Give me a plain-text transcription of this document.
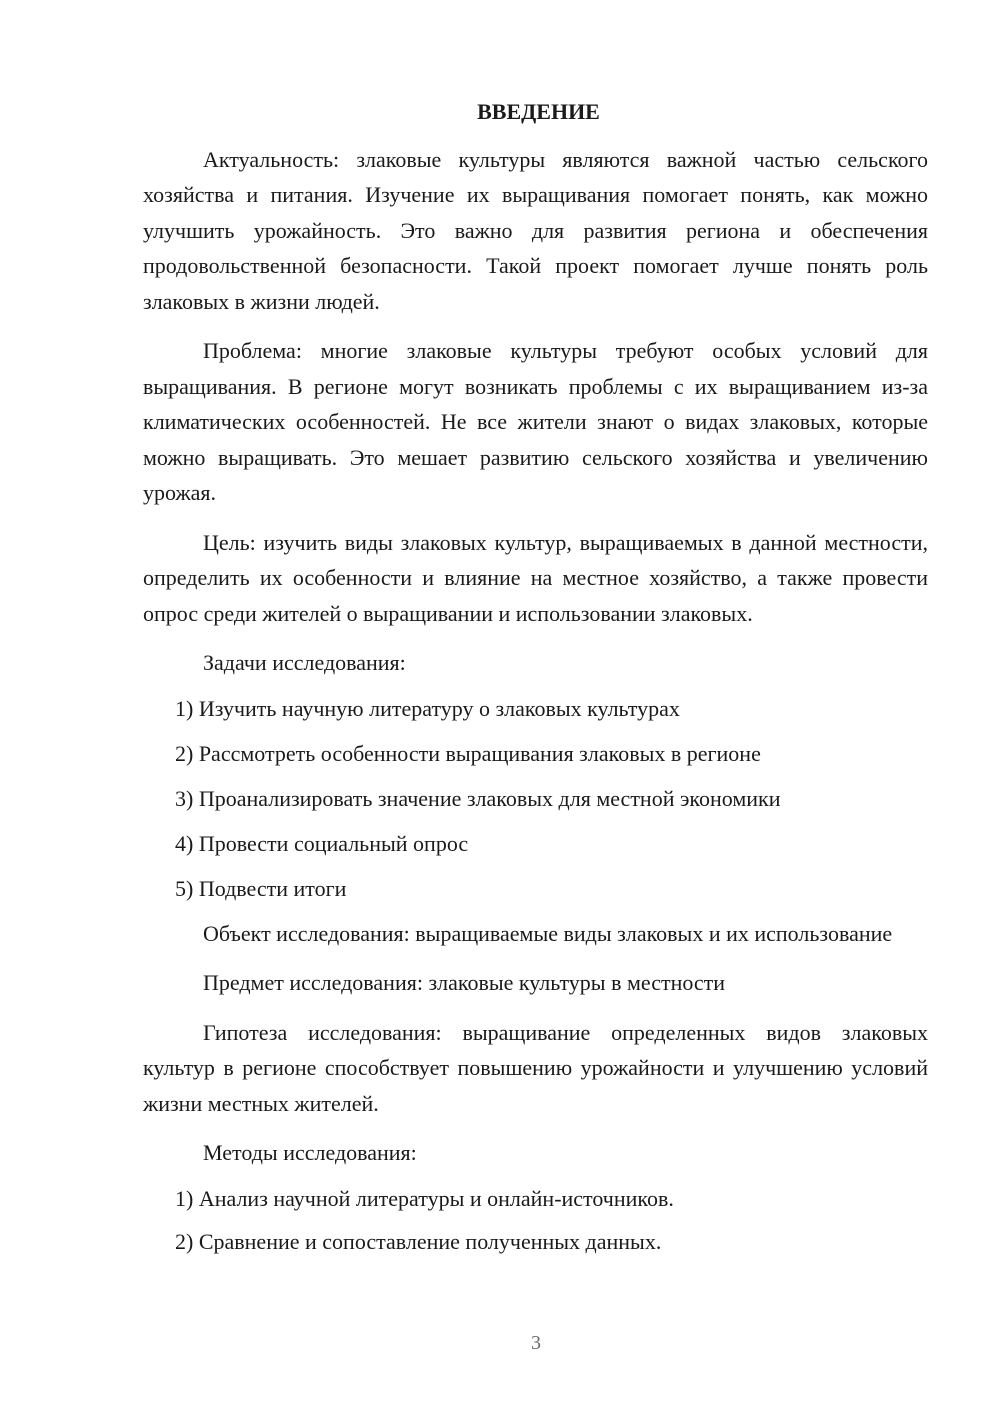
ВВЕДЕНИЕ

Актуальность: злаковые культуры являются важной частью сельского хозяйства и питания. Изучение их выращивания помогает понять, как можно улучшить урожайность. Это важно для развития региона и обеспечения продовольственной безопасности. Такой проект помогает лучше понять роль злаковых в жизни людей.

Проблема: многие злаковые культуры требуют особых условий для выращивания. В регионе могут возникать проблемы с их выращиванием из-за климатических особенностей. Не все жители знают о видах злаковых, которые можно выращивать. Это мешает развитию сельского хозяйства и увеличению урожая.

Цель: изучить виды злаковых культур, выращиваемых в данной местности, определить их особенности и влияние на местное хозяйство, а также провести опрос среди жителей о выращивании и использовании злаковых.

Задачи исследования:

1) Изучить научную литературу о злаковых культурах
2) Рассмотреть особенности выращивания злаковых в регионе
3) Проанализировать значение злаковых для местной экономики
4) Провести социальный опрос
5) Подвести итоги

Объект исследования: выращиваемые виды злаковых и их использование

Предмет исследования: злаковые культуры в местности

Гипотеза исследования: выращивание определенных видов злаковых культур в регионе способствует повышению урожайности и улучшению условий жизни местных жителей.

Методы исследования:

1) Анализ научной литературы и онлайн-источников.
2) Сравнение и сопоставление полученных данных.
3
